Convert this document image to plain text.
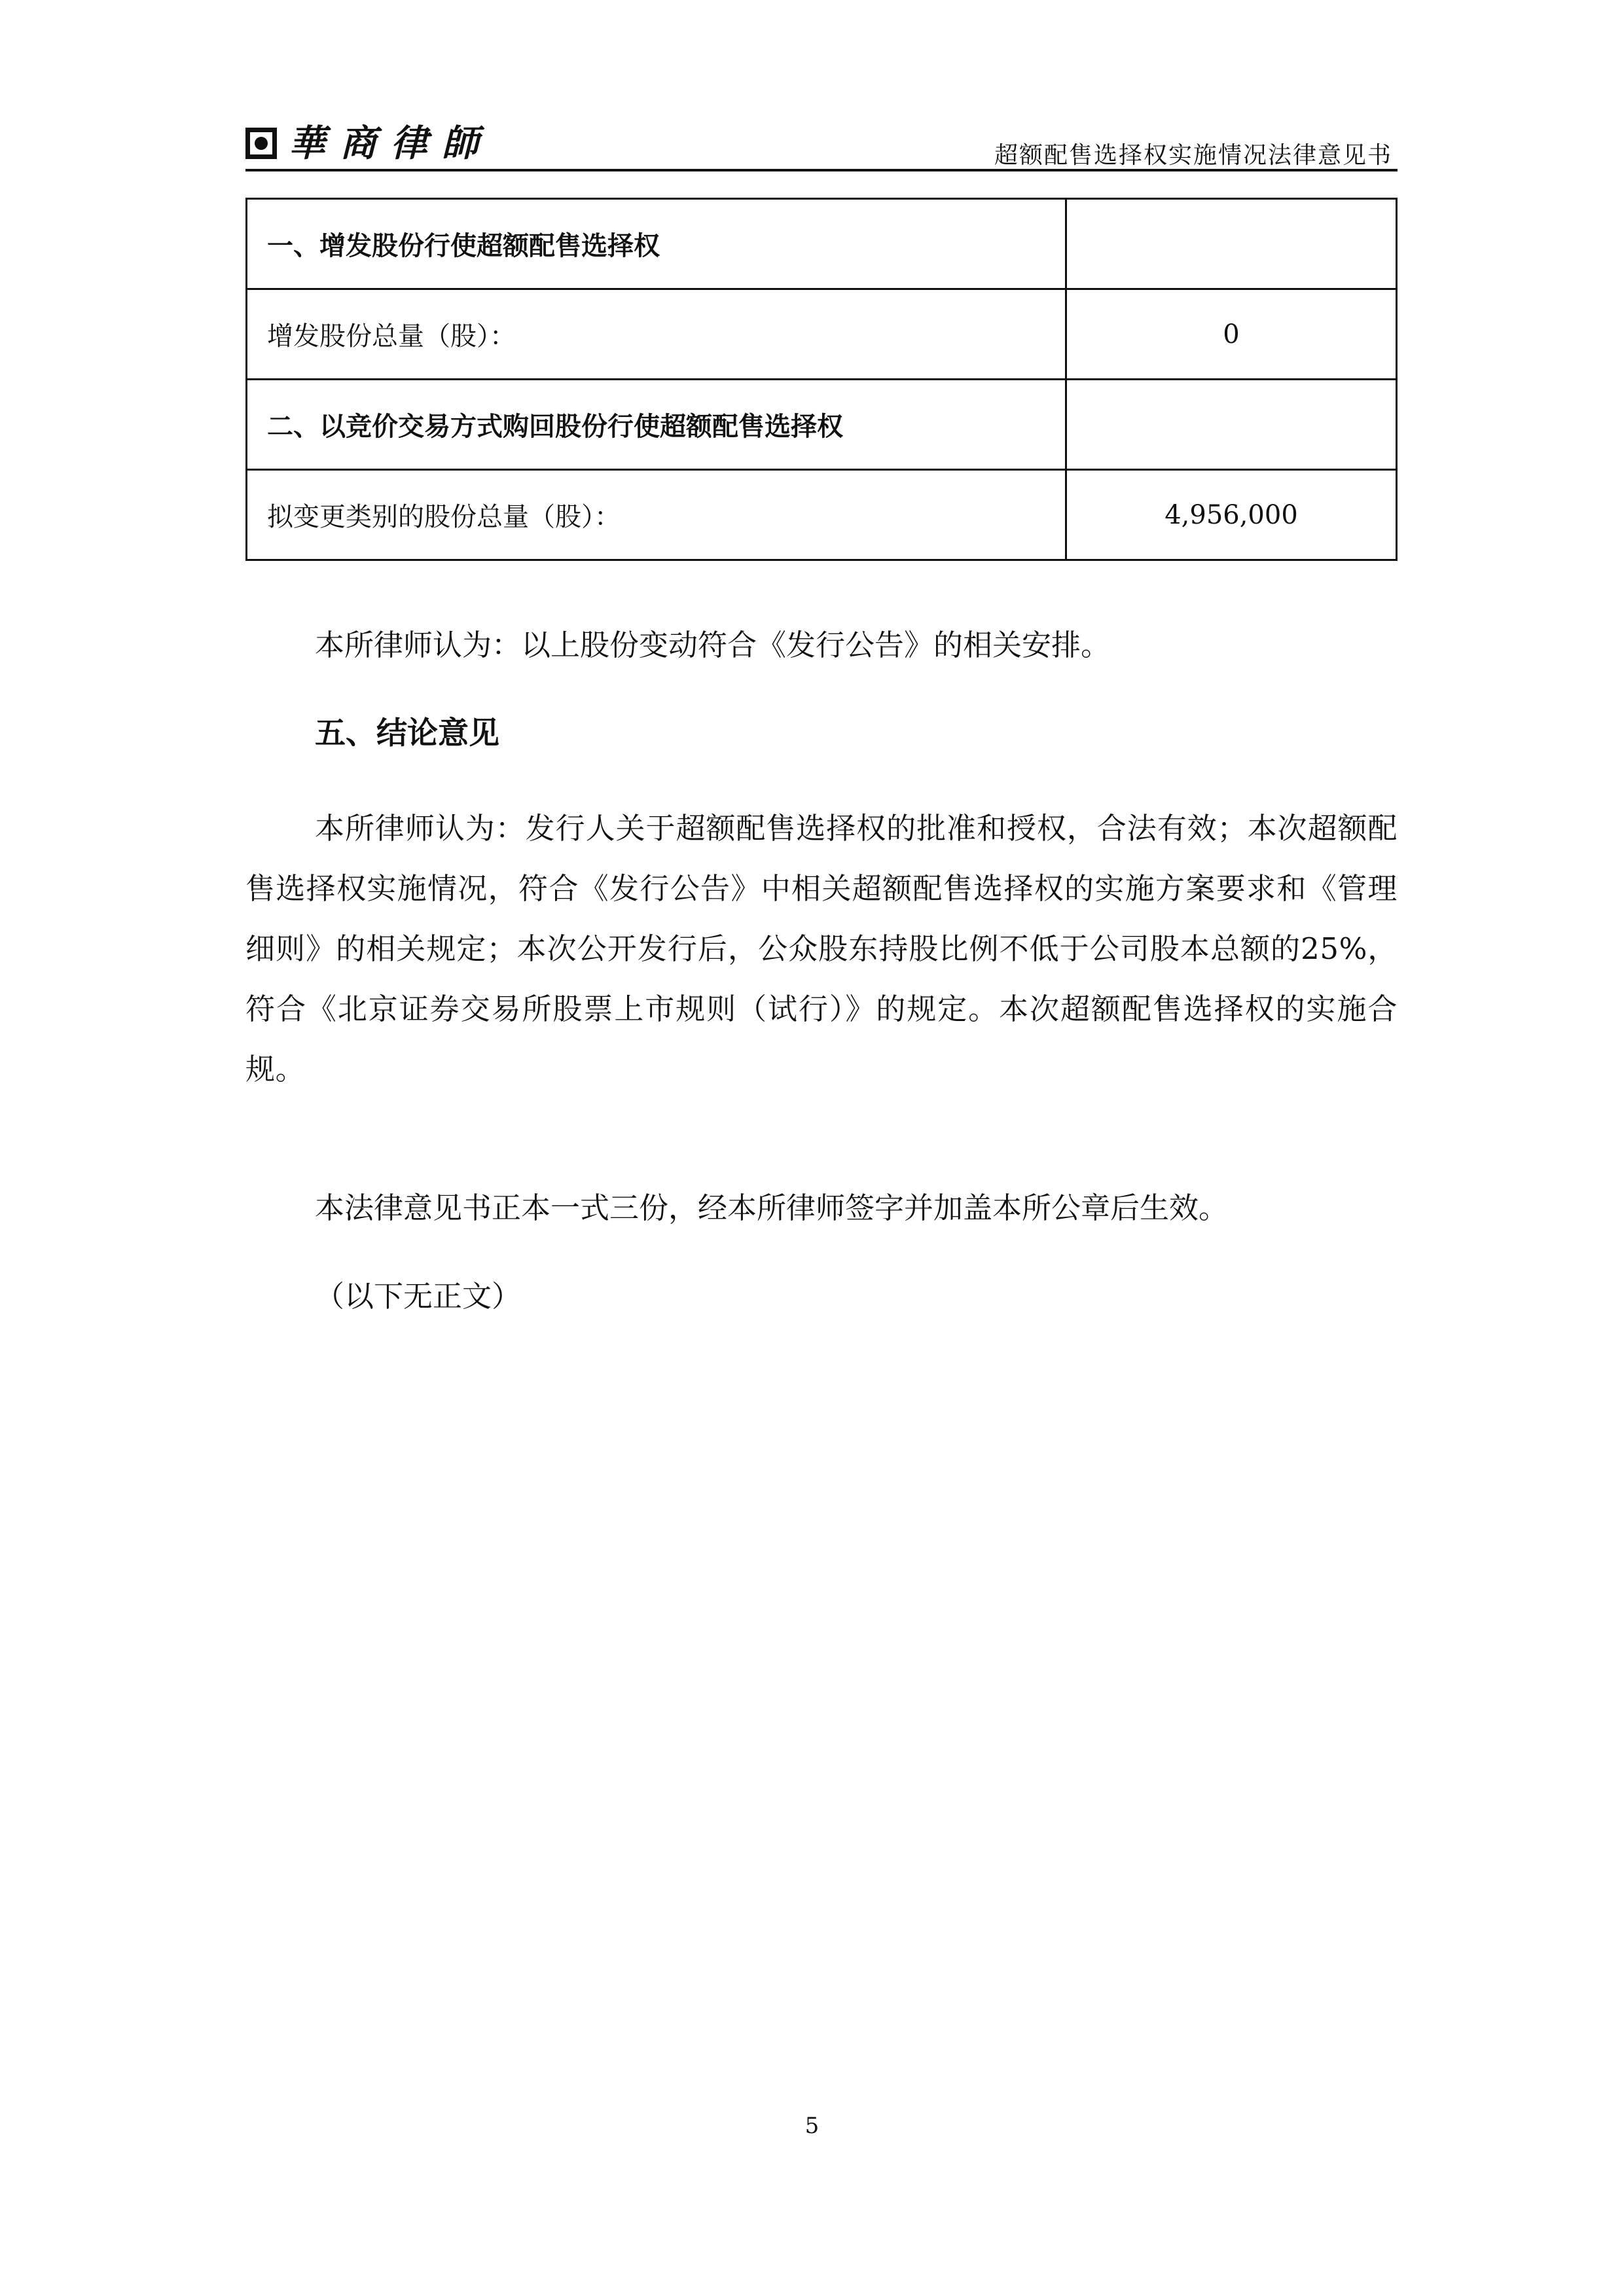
華商律師	超额配售选择权实施情况法律意见书
一、增发股份行使超额配售选择权	
增发股份总量（股）：	0
二、以竞价交易方式购回股份行使超额配售选择权	
拟变更类别的股份总量（股）：	4,956,000

本所律师认为：以上股份变动符合《发行公告》的相关安排。

五、结论意见

本所律师认为：发行人关于超额配售选择权的批准和授权，合法有效；本次超额配售选择权实施情况，符合《发行公告》中相关超额配售选择权的实施方案要求和《管理细则》的相关规定；本次公开发行后，公众股东持股比例不低于公司股本总额的25%，符合《北京证券交易所股票上市规则（试行）》的规定。本次超额配售选择权的实施合规。

本法律意见书正本一式三份，经本所律师签字并加盖本所公章后生效。

（以下无正文）

5
